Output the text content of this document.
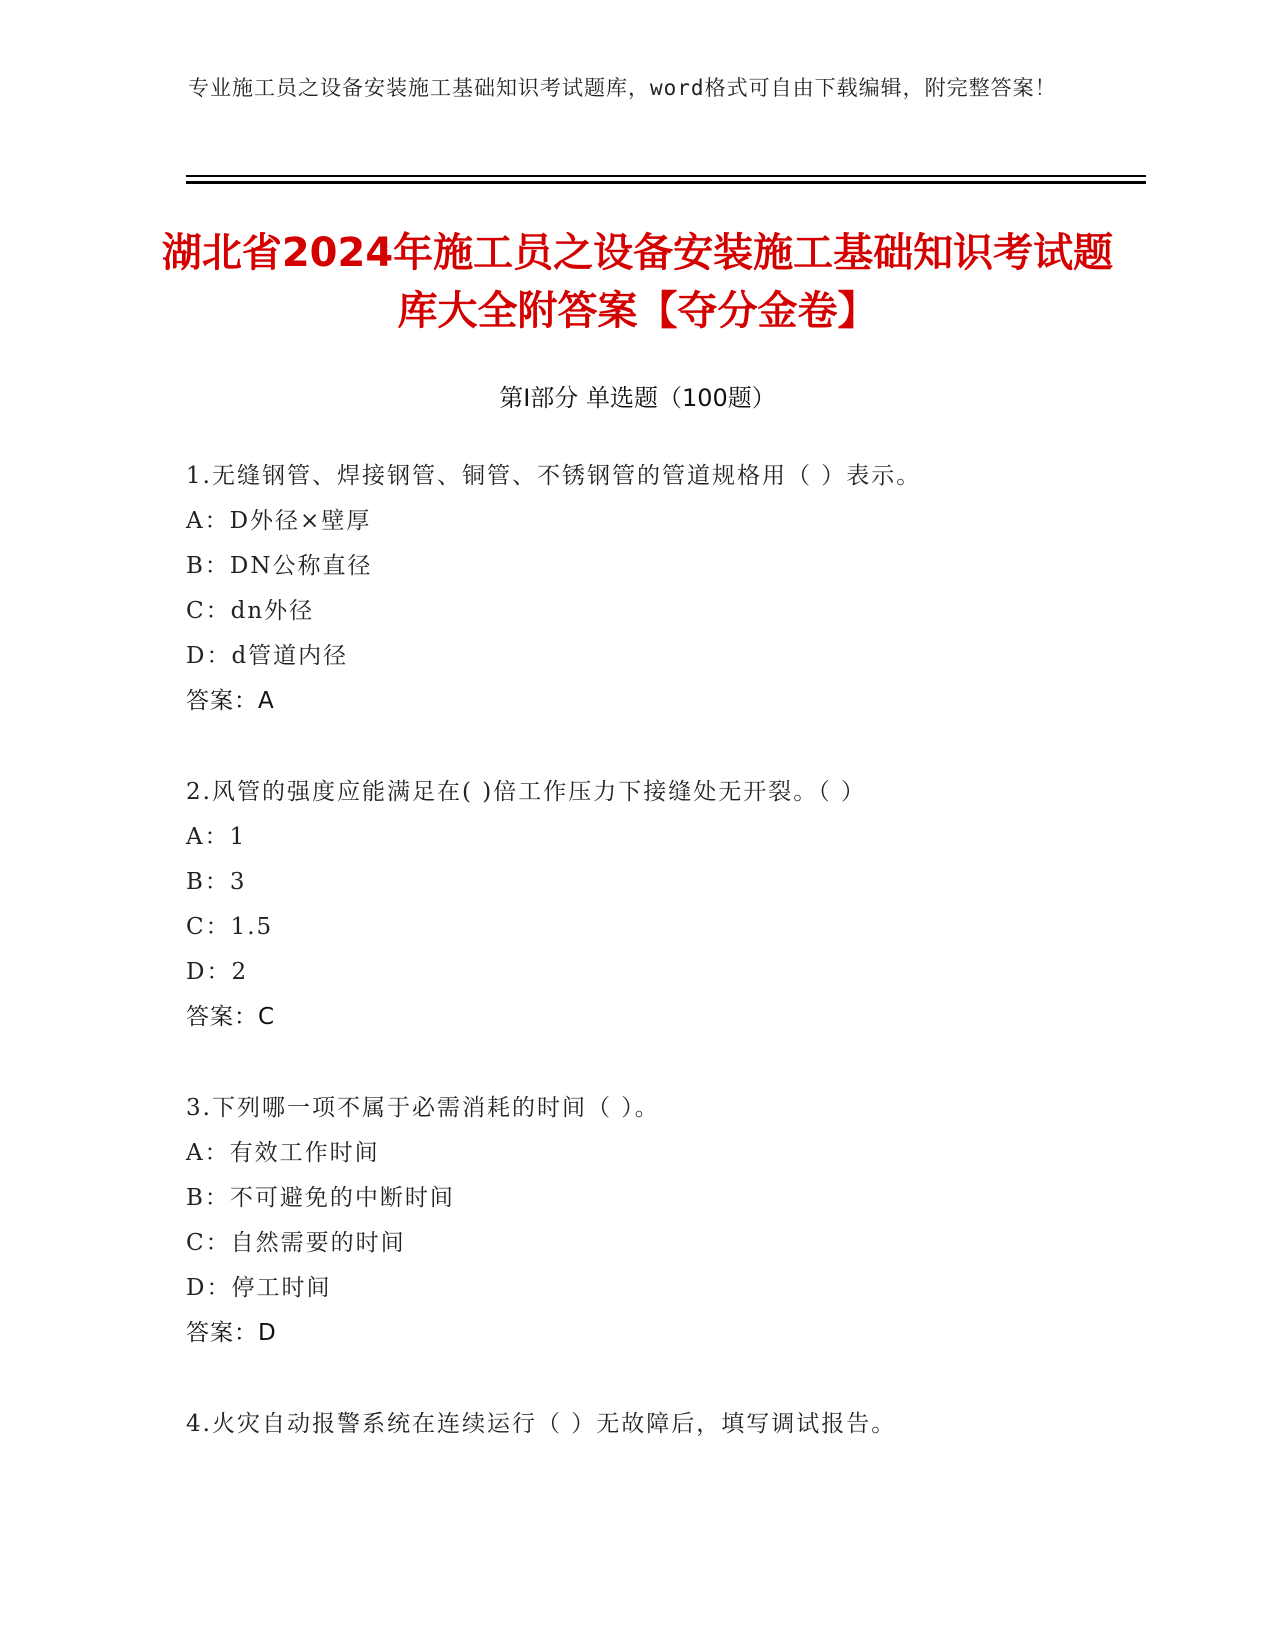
专业施工员之设备安装施工基础知识考试题库，word格式可自由下载编辑，附完整答案！
湖北省2024年施工员之设备安装施工基础知识考试题库大全附答案【夺分金卷】
第I部分 单选题（100题）
1.无缝钢管、焊接钢管、铜管、不锈钢管的管道规格用（ ）表示。
A：D外径×壁厚
B：DN公称直径
C：dn外径
D：d管道内径
答案：A
2.风管的强度应能满足在( )倍工作压力下接缝处无开裂。（ ）
A：1
B：3
C：1.5
D：2
答案：C
3.下列哪一项不属于必需消耗的时间（ ）。
A：有效工作时间
B：不可避免的中断时间
C：自然需要的时间
D：停工时间
答案：D
4.火灾自动报警系统在连续运行（ ）无故障后，填写调试报告。
